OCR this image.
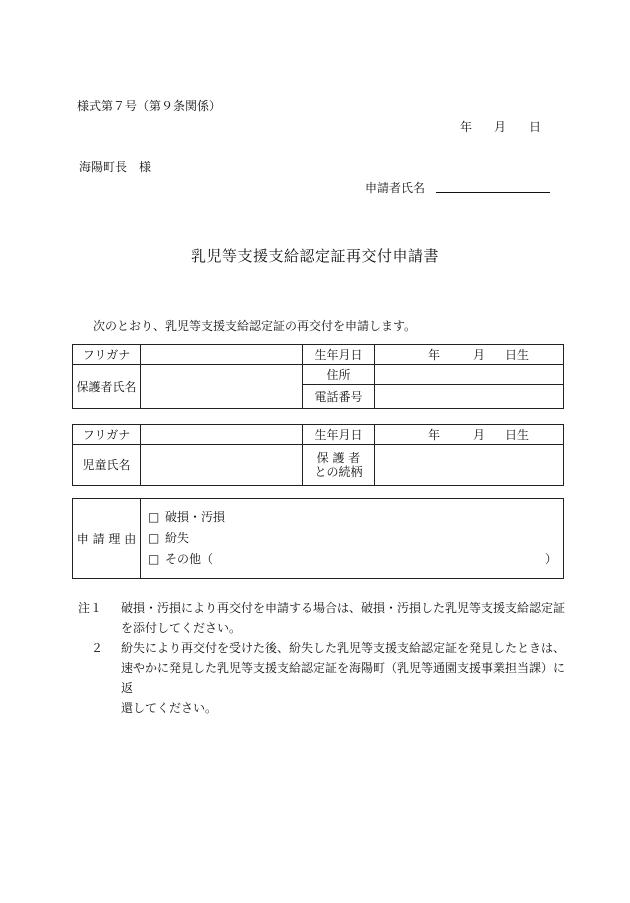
様式第７号（第９条関係）
年 月 日
海陽町長　様
申請者氏名
乳児等支援支給認定証再交付申請書
次のとおり、乳児等支援支給認定証の再交付を申請します。
フリガナ		生年月日	年 月 日生
保護者氏名		住所	
		電話番号	
フリガナ		生年月日	年 月 日生
児童氏名		保 護 者
との続柄	

申 請 理 由	
□ 破損・汚損
□ 紛失
□ その他（	）
注１ 破損・汚損により再交付を申請する場合は、破損・汚損した乳児等支援支給認定証
を添付してください。
２ 紛失により再交付を受けた後、紛失した乳児等支援支給認定証を発見したときは、
速やかに発見した乳児等支援支給認定証を海陽町（乳児等通園支援事業担当課）に返
還してください。
